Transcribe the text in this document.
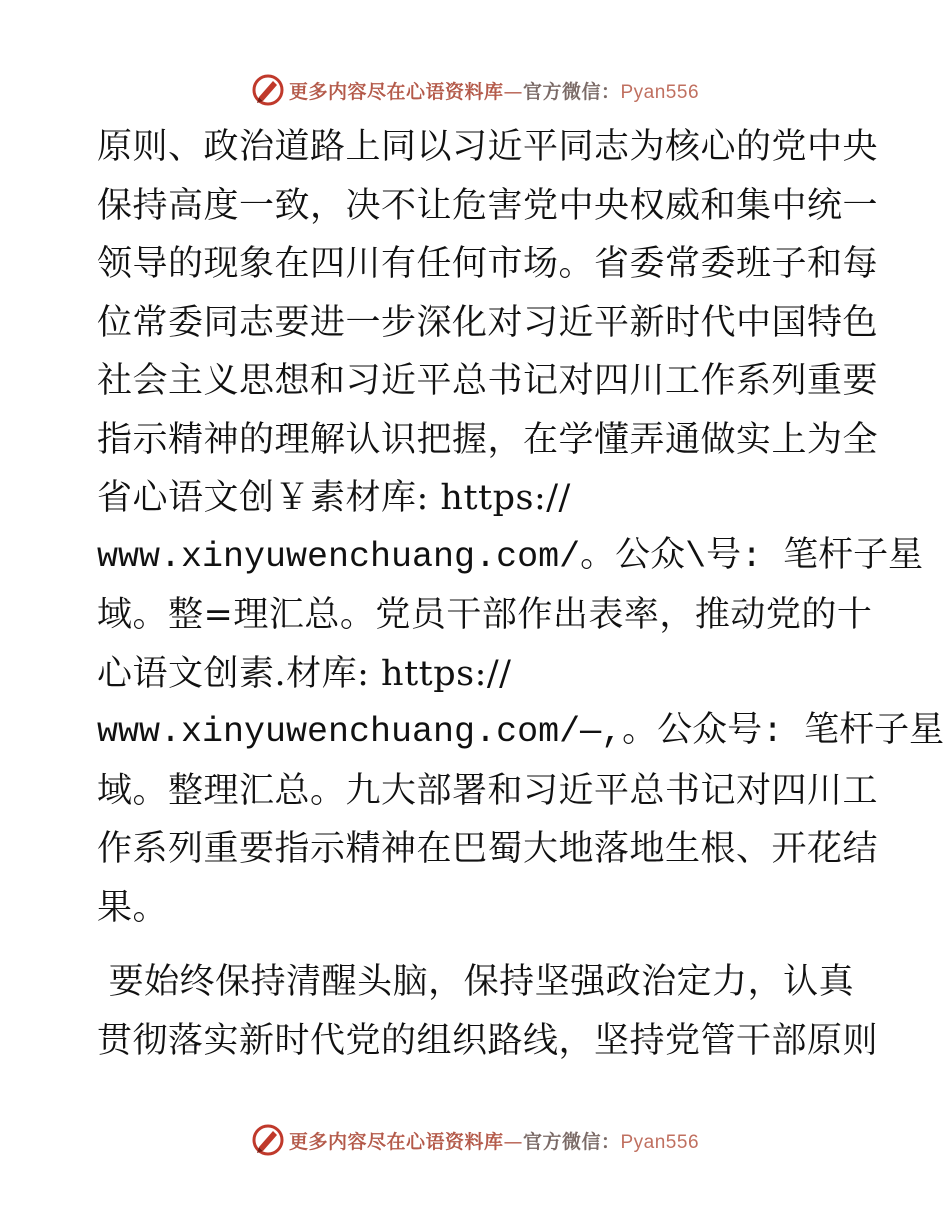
更多内容尽在心语资料库—官方微信：Pyan556
原则、政治道路上同以习近平同志为核心的党中央
保持高度一致，决不让危害党中央权威和集中统一
领导的现象在四川有任何市场。省委常委班子和每
位常委同志要进一步深化对习近平新时代中国特色
社会主义思想和习近平总书记对四川工作系列重要
指示精神的理解认识把握，在学懂弄通做实上为全
省心语文创￥素材库: https://
www.xinyuwenchuang.com/。公众\号: 笔杆子星
域。整=理汇总。党员干部作出表率，推动党的十
心语文创素.材库: https://
www.xinyuwenchuang.com/—,。公众号: 笔杆子星
域。整理汇总。九大部署和习近平总书记对四川工
作系列重要指示精神在巴蜀大地落地生根、开花结
果。
要始终保持清醒头脑，保持坚强政治定力，认真
贯彻落实新时代党的组织路线，坚持党管干部原则
更多内容尽在心语资料库—官方微信：Pyan556
